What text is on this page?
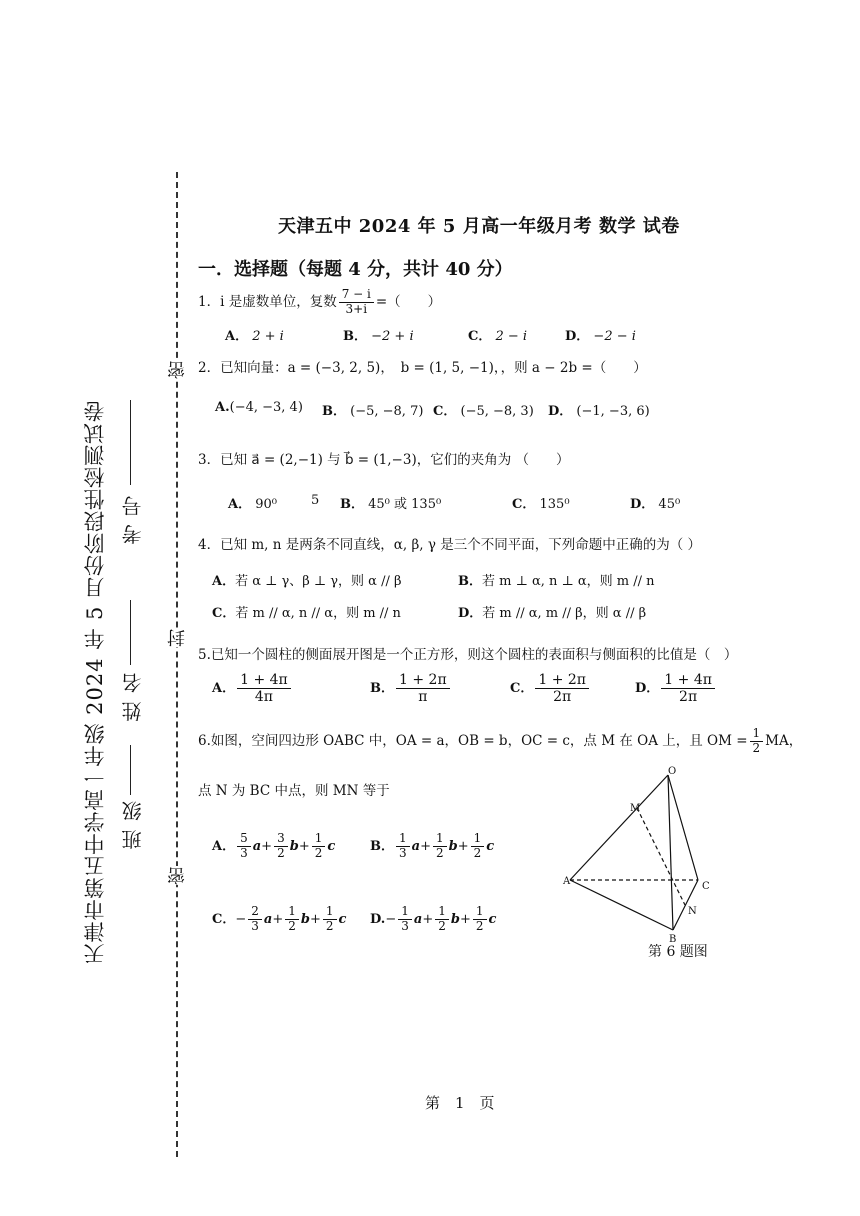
天津市第五中学高一年级 2024 年 5 月份阶段性检测试卷 班 级
姓 名
考 号
密
封
密
天津五中 2024 年 5 月高一年级月考 数学 试卷
一．选择题（每题 4 分，共计 40 分）
1．i 是虚数单位，复数 $\frac{7 - i}{3+i}$ =（　　）
A． 2 + i	B． −2 + i	C． 2 − i	D． −2 − i
2．已知向量：a = (−3, 2, 5)，　b = (1, 5, −1)，，则 a − 2b =（　　）
A.(−4, −3, 4) B． (−5, −8, 7) C． (−5, −8, 3) D． (−1, −3, 6)
3．已知 a⃗ = (2,−1) 与 b⃗ = (1,−3)，它们的夹角为 （　　）
A． 90⁰	5 B． 45⁰ 或 135⁰	C． 135⁰	D． 45⁰
4．已知 m, n 是两条不同直线，α, β, γ 是三个不同平面，下列命题中正确的为（ ）
A．若 α ⊥ γ、β ⊥ γ，则 α // β	B．若 m ⊥ α, n ⊥ α，则 m // n
C．若 m // α, n // α，则 m // n	D．若 m // α, m // β，则 α // β
5.已知一个圆柱的侧面展开图是一个正方形，则这个圆柱的表面积与侧面积的比值是（　）
A． $\frac{1 + 4\pi}{4\pi}$	B． $\frac{1 + 2\pi}{\pi}$	C． $\frac{1 + 2\pi}{2\pi}$	D． $\frac{1 + 4\pi}{2\pi}$
6.如图，空间四边形 OABC 中，OA = a，OB = b，OC = c，点 M 在 OA 上，且 OM = $\frac{1}{2}$ MA，
点 N 为 BC 中点，则 MN 等于
A． $\frac{5}{3} a+ \frac{3}{2} b+ \frac{1}{2}$ c	B． $\frac{1}{3} a+ \frac{1}{2} b+ \frac{1}{2}$ c
C．− $\frac{2}{3} a+ \frac{1}{2} b+ \frac{1}{2}$ c $D.- \frac{1}{3} a+ \frac{1}{2} b+ \frac{1}{2}$ c
O
M
A	C
N
B
第 6 题图
第　1　页
